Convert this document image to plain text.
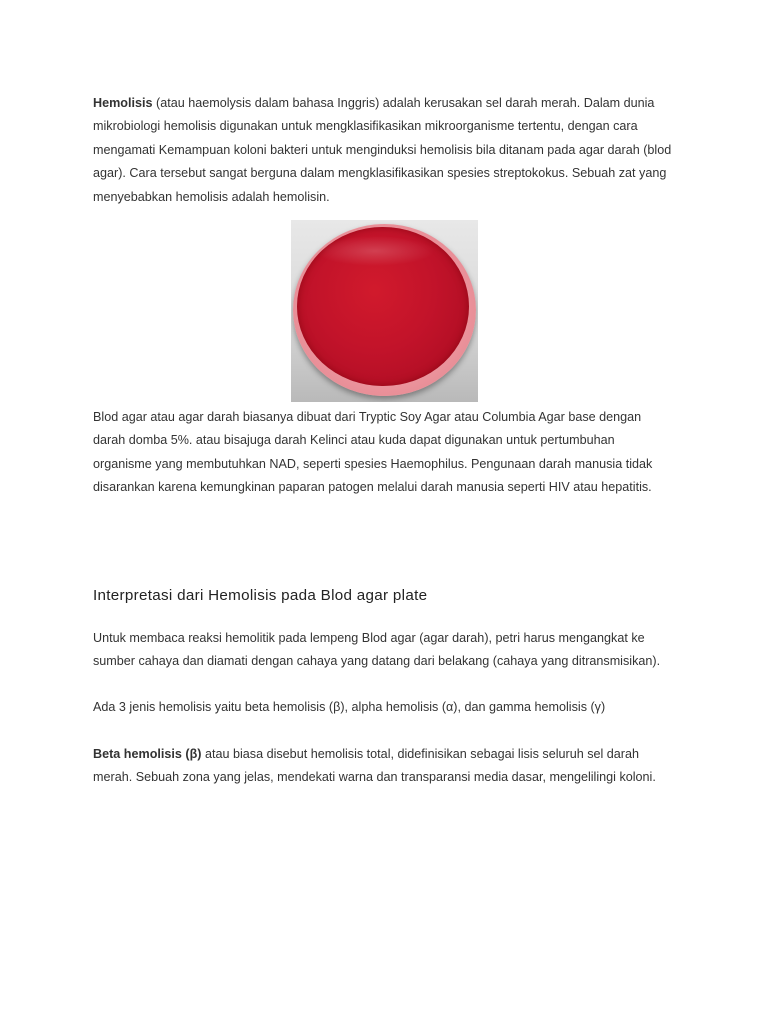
Hemolisis (atau haemolysis dalam bahasa Inggris) adalah kerusakan sel darah merah. Dalam dunia mikrobiologi hemolisis digunakan untuk mengklasifikasikan mikroorganisme tertentu, dengan cara mengamati Kemampuan koloni bakteri untuk menginduksi hemolisis bila ditanam pada agar darah (blod agar). Cara tersebut sangat berguna dalam mengklasifikasikan spesies streptokokus. Sebuah zat yang menyebabkan hemolisis adalah hemolisin.

Blod agar atau agar darah biasanya dibuat dari Tryptic Soy Agar atau Columbia Agar base dengan darah domba 5%. atau bisajuga darah Kelinci atau kuda dapat digunakan untuk pertumbuhan organisme yang membutuhkan NAD, seperti spesies Haemophilus. Pengunaan darah manusia tidak disarankan karena kemungkinan paparan patogen melalui darah manusia seperti HIV atau hepatitis.

Interpretasi dari Hemolisis pada Blod agar plate

Untuk membaca reaksi hemolitik pada lempeng Blod agar (agar darah), petri harus mengangkat ke sumber cahaya dan diamati dengan cahaya yang datang dari belakang (cahaya yang ditransmisikan).

Ada 3 jenis hemolisis yaitu beta hemolisis (β), alpha hemolisis (α), dan gamma hemolisis (γ)

Beta hemolisis (β) atau biasa disebut hemolisis total, didefinisikan sebagai lisis seluruh sel darah merah. Sebuah zona yang jelas, mendekati warna dan transparansi media dasar, mengelilingi koloni.
